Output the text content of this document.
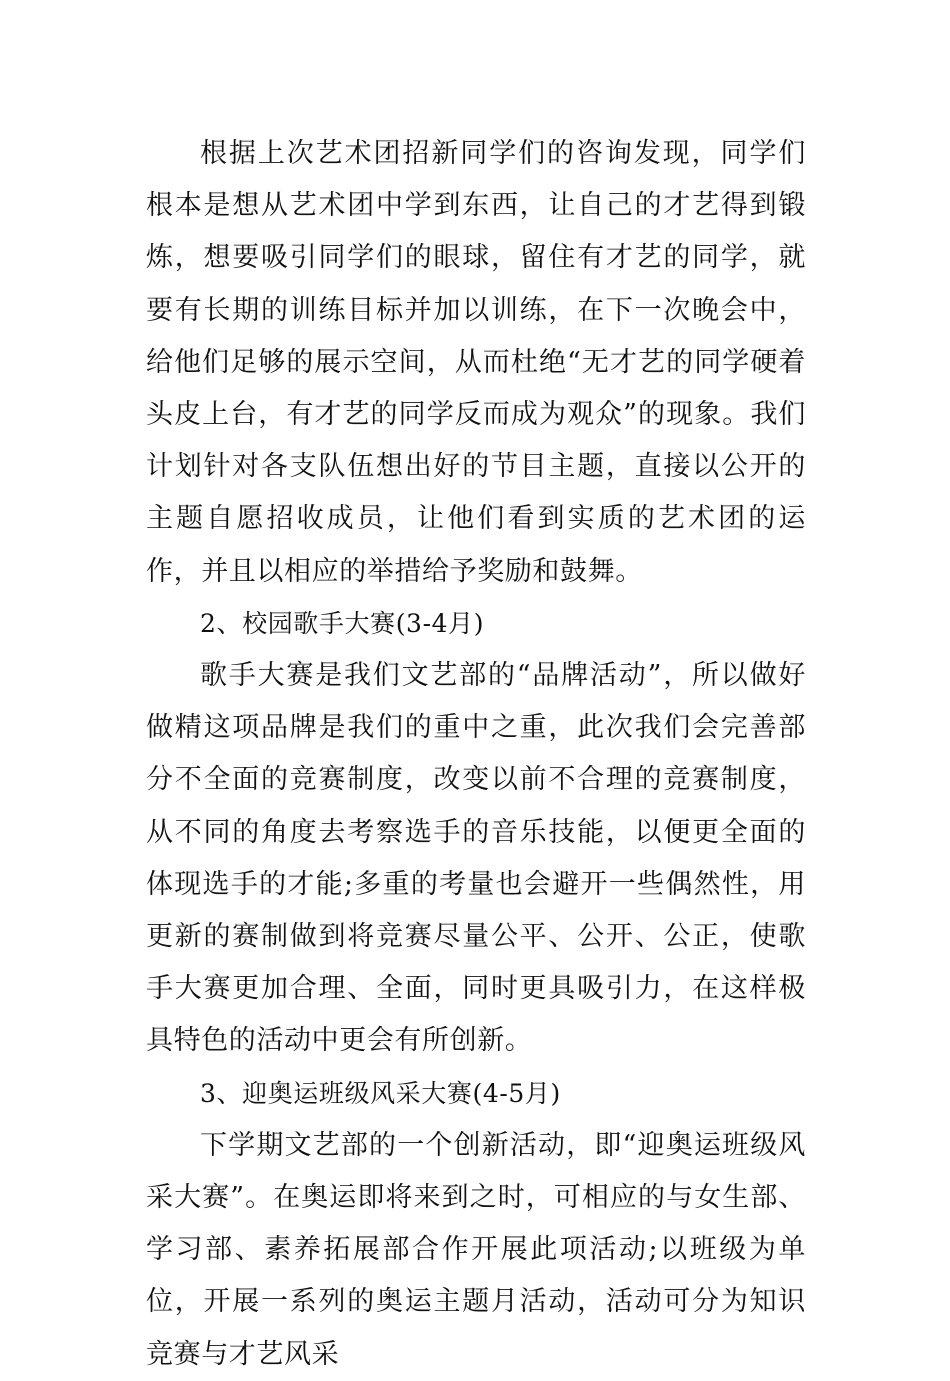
根据上次艺术团招新同学们的咨询发现，同学们根本是想从艺术团中学到东西，让自己的才艺得到锻炼，想要吸引同学们的眼球，留住有才艺的同学，就要有长期的训练目标并加以训练，在下一次晚会中，给他们足够的展示空间，从而杜绝“无才艺的同学硬着头皮上台，有才艺的同学反而成为观众”的现象。我们计划针对各支队伍想出好的节目主题，直接以公开的主题自愿招收成员，让他们看到实质的艺术团的运作，并且以相应的举措给予奖励和鼓舞。

2、校园歌手大赛(3-4月)

歌手大赛是我们文艺部的“品牌活动”，所以做好做精这项品牌是我们的重中之重，此次我们会完善部分不全面的竞赛制度，改变以前不合理的竞赛制度，从不同的角度去考察选手的音乐技能，以便更全面的体现选手的才能;多重的考量也会避开一些偶然性，用更新的赛制做到将竞赛尽量公平、公开、公正，使歌手大赛更加合理、全面，同时更具吸引力，在这样极具特色的活动中更会有所创新。

3、迎奥运班级风采大赛(4-5月)

下学期文艺部的一个创新活动，即“迎奥运班级风采大赛”。在奥运即将来到之时，可相应的与女生部、学习部、素养拓展部合作开展此项活动;以班级为单位，开展一系列的奥运主题月活动，活动可分为知识竞赛与才艺风采
